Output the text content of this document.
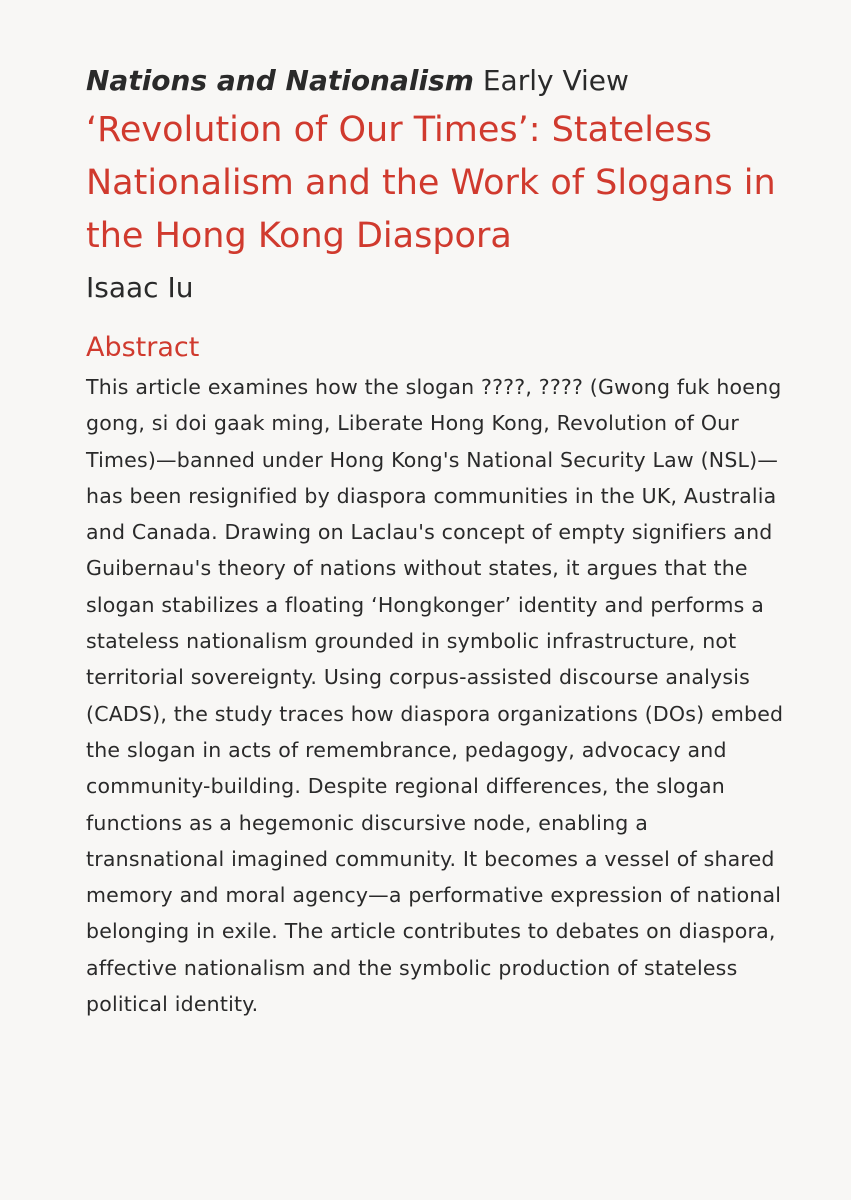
Nations and Nationalism Early View

‘Revolution of Our Times’: Stateless Nationalism and the Work of Slogans in the Hong Kong Diaspora

Isaac Iu

Abstract

This article examines how the slogan ????, ???? (Gwong fuk hoeng gong, si doi gaak ming, Liberate Hong Kong, Revolution of Our Times)—banned under Hong Kong's National Security Law (NSL)—has been resignified by diaspora communities in the UK, Australia and Canada. Drawing on Laclau's concept of empty signifiers and Guibernau's theory of nations without states, it argues that the slogan stabilizes a floating ‘Hongkonger’ identity and performs a stateless nationalism grounded in symbolic infrastructure, not territorial sovereignty. Using corpus-assisted discourse analysis (CADS), the study traces how diaspora organizations (DOs) embed the slogan in acts of remembrance, pedagogy, advocacy and community-building. Despite regional differences, the slogan functions as a hegemonic discursive node, enabling a transnational imagined community. It becomes a vessel of shared memory and moral agency—a performative expression of national belonging in exile. The article contributes to debates on diaspora, affective nationalism and the symbolic production of stateless political identity.
